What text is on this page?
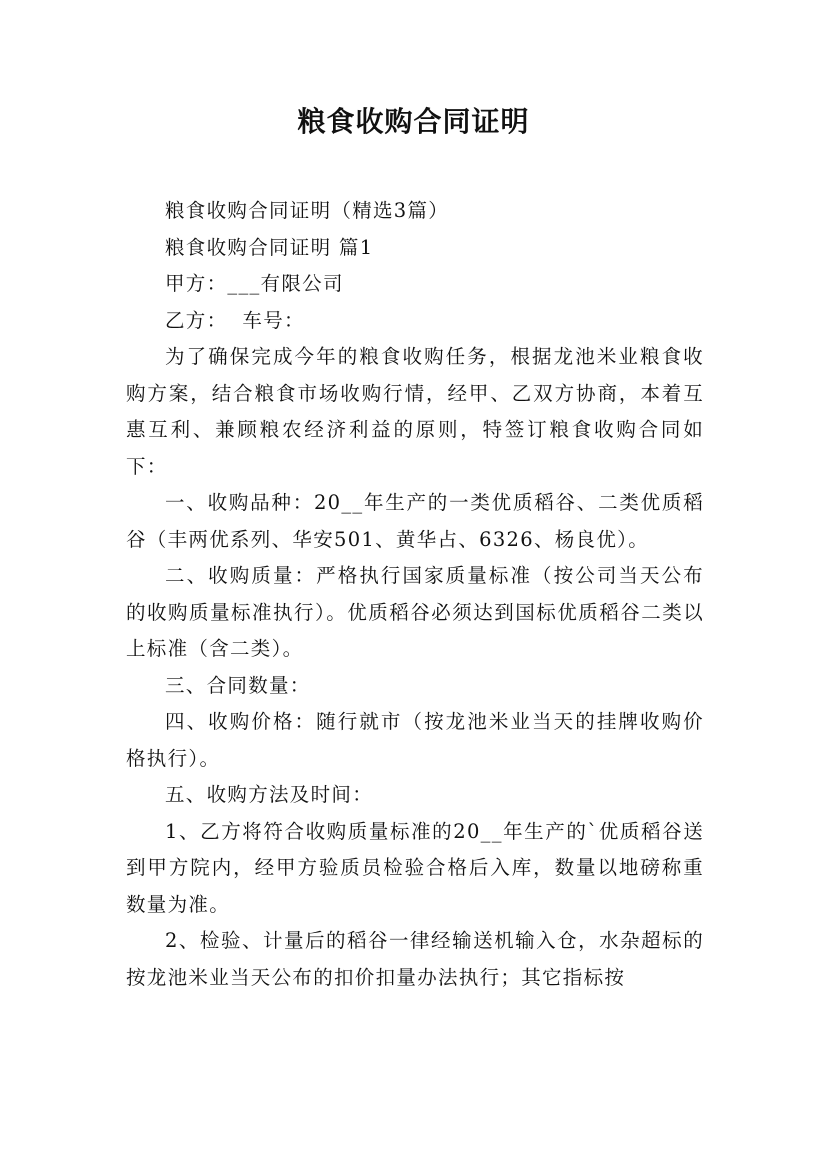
粮食收购合同证明

粮食收购合同证明（精选3篇）

粮食收购合同证明 篇1

甲方：___有限公司

乙方：  车号：

为了确保完成今年的粮食收购任务，根据龙池米业粮食收购方案，结合粮食市场收购行情，经甲、乙双方协商，本着互惠互利、兼顾粮农经济利益的原则，特签订粮食收购合同如下：

一、收购品种：20__年生产的一类优质稻谷、二类优质稻谷（丰两优系列、华安501、黄华占、6326、杨良优）。

二、收购质量：严格执行国家质量标准（按公司当天公布的收购质量标准执行）。优质稻谷必须达到国标优质稻谷二类以上标准（含二类）。

三、合同数量：

四、收购价格：随行就市（按龙池米业当天的挂牌收购价格执行）。

五、收购方法及时间：

1、乙方将符合收购质量标准的20__年生产的`优质稻谷送到甲方院内，经甲方验质员检验合格后入库，数量以地磅称重数量为准。

2、检验、计量后的稻谷一律经输送机输入仓，水杂超标的按龙池米业当天公布的扣价扣量办法执行；其它指标按
